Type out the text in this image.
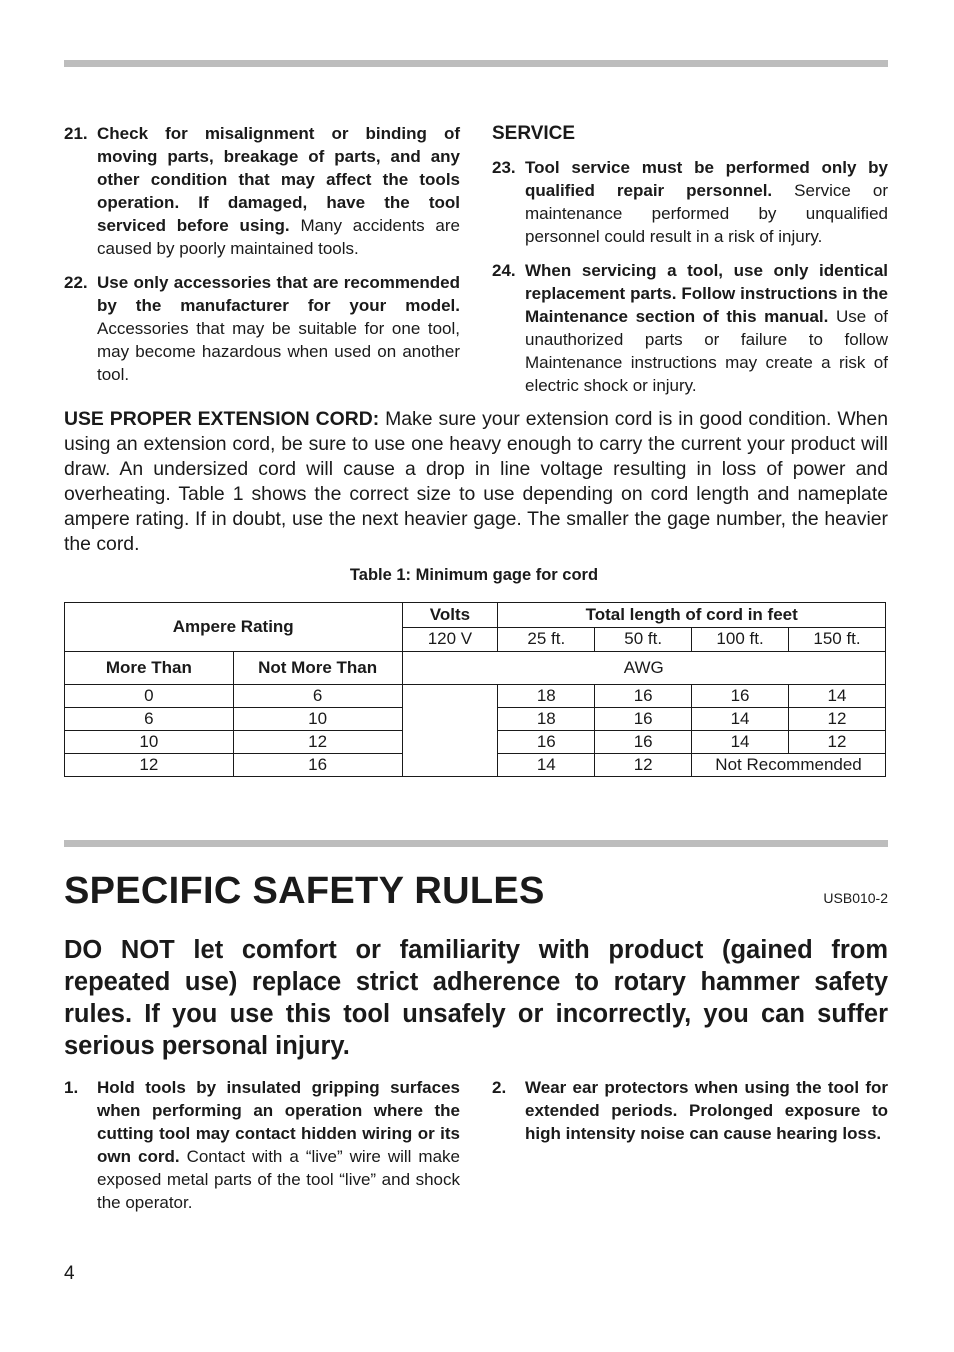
21. Check for misalignment or binding of moving parts, breakage of parts, and any other condition that may affect the tools operation. If damaged, have the tool serviced before using. Many accidents are caused by poorly maintained tools.
22. Use only accessories that are recommended by the manufacturer for your model. Accessories that may be suitable for one tool, may become hazardous when used on another tool.
SERVICE
23. Tool service must be performed only by qualified repair personnel. Service or maintenance performed by unqualified personnel could result in a risk of injury.
24. When servicing a tool, use only identical replacement parts. Follow instructions in the Maintenance section of this manual. Use of unauthorized parts or failure to follow Maintenance instructions may create a risk of electric shock or injury.
USE PROPER EXTENSION CORD: Make sure your extension cord is in good condition. When using an extension cord, be sure to use one heavy enough to carry the current your product will draw. An undersized cord will cause a drop in line voltage resulting in loss of power and overheating. Table 1 shows the correct size to use depending on cord length and nameplate ampere rating. If in doubt, use the next heavier gage. The smaller the gage number, the heavier the cord.
Table 1: Minimum gage for cord
Ampere Rating		Volts	Total length of cord in feet			
		120 V	25 ft.	50 ft.	100 ft.	150 ft.
More Than	Not More Than	AWG				
0	6		18	16	16	14
6	10		18	16	14	12
10	12		16	16	14	12
12	16		14	12	Not Recommended	
SPECIFIC SAFETY RULES	USB010-2
DO NOT let comfort or familiarity with product (gained from repeated use) replace strict adherence to rotary hammer safety rules. If you use this tool unsafely or incorrectly, you can suffer serious personal injury.
1.	Hold tools by insulated gripping surfaces when performing an operation where the cutting tool may contact hidden wiring or its own cord. Contact with a “live” wire will make exposed metal parts of the tool “live” and shock the operator.
2.	Wear ear protectors when using the tool for extended periods. Prolonged exposure to high intensity noise can cause hearing loss.
4
